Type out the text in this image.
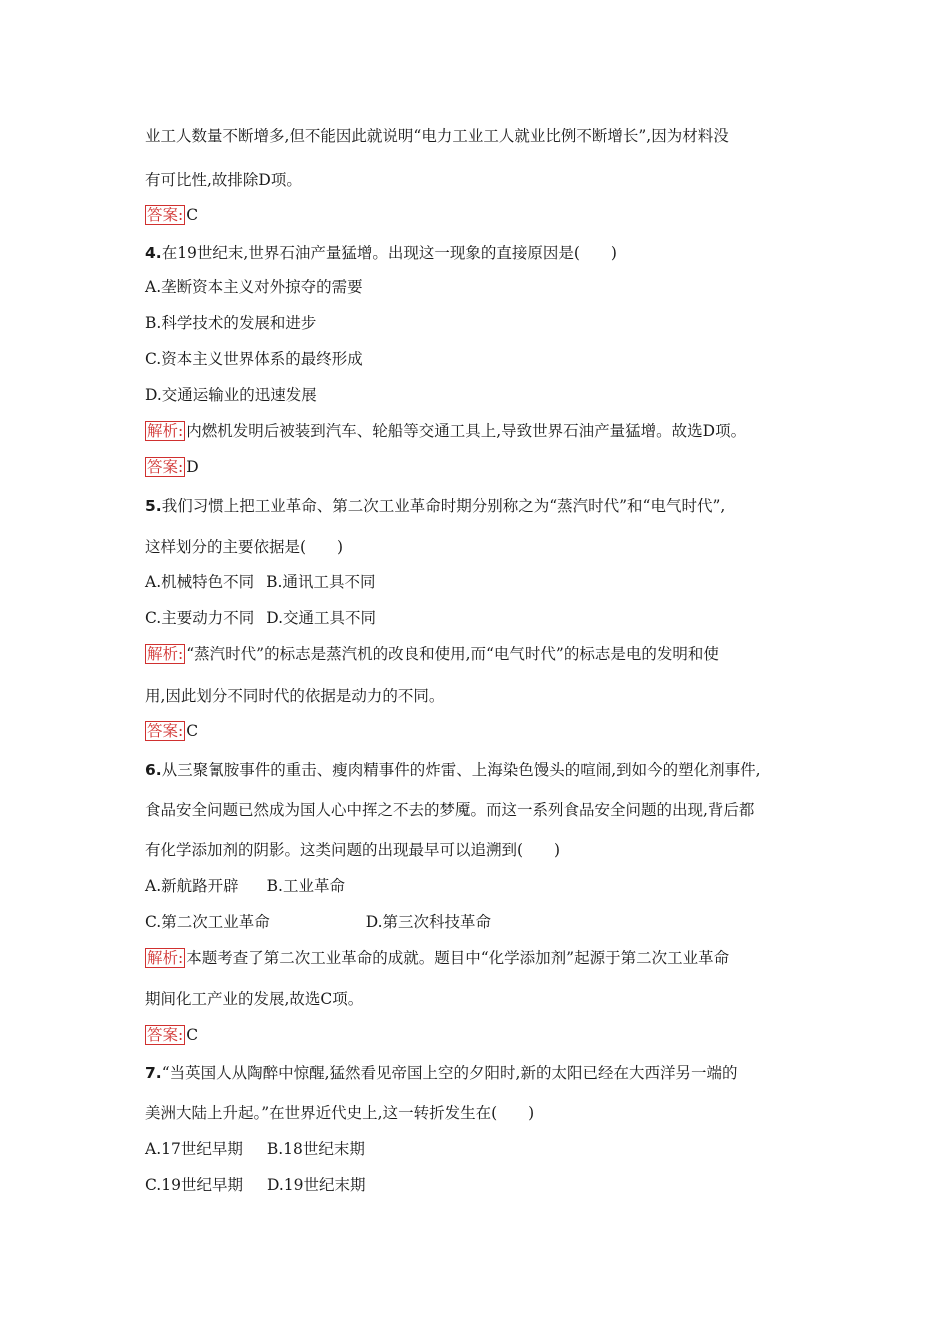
业工人数量不断增多,但不能因此就说明“电力工业工人就业比例不断增长”,因为材料没
有可比性,故排除D项。
答案: C
4.在19世纪末,世界石油产量猛增。出现这一现象的直接原因是(　　)
A.垄断资本主义对外掠夺的需要
B.科学技术的发展和进步
C.资本主义世界体系的最终形成
D.交通运输业的迅速发展
解析: 内燃机发明后被装到汽车、轮船等交通工具上,导致世界石油产量猛增。故选D项。
答案: D
5.我们习惯上把工业革命、第二次工业革命时期分别称之为“蒸汽时代”和“电气时代”,
这样划分的主要依据是(　　)
A.机械特色不同 B.通讯工具不同
C.主要动力不同 D.交通工具不同
解析: “蒸汽时代”的标志是蒸汽机的改良和使用,而“电气时代”的标志是电的发明和使
用,因此划分不同时代的依据是动力的不同。
答案: C
6.从三聚氰胺事件的重击、瘦肉精事件的炸雷、上海染色馒头的喧闹,到如今的塑化剂事件,
食品安全问题已然成为国人心中挥之不去的梦魇。而这一系列食品安全问题的出现,背后都
有化学添加剂的阴影。这类问题的出现最早可以追溯到(　　)
A.新航路开辟 B.工业革命
C.第二次工业革命	D.第三次科技革命
解析: 本题考查了第二次工业革命的成就。题目中“化学添加剂”起源于第二次工业革命
期间化工产业的发展,故选C项。
答案: C
7.“当英国人从陶醉中惊醒,猛然看见帝国上空的夕阳时,新的太阳已经在大西洋另一端的
美洲大陆上升起。”在世界近代史上,这一转折发生在(　　)
A.17世纪早期 B.18世纪末期
C.19世纪早期 D.19世纪末期
